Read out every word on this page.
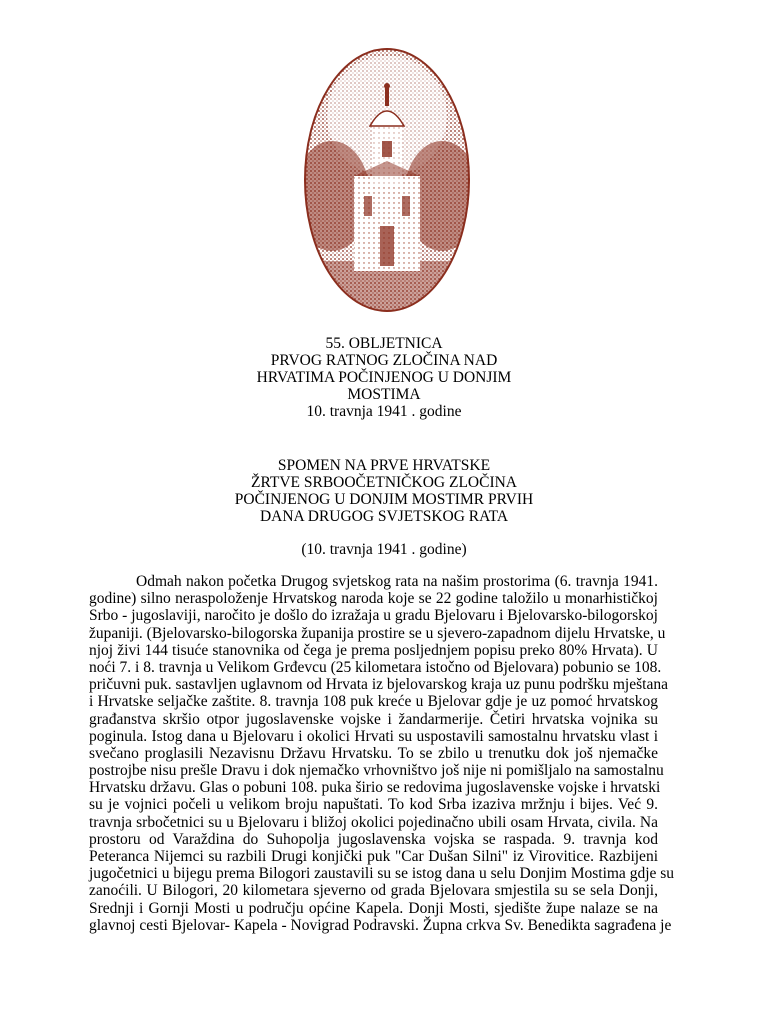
55. OBLJETNICA
PRVOG RATNOG ZLOČINA NAD
HRVATIMA POČINJENOG U DONJIM
MOSTIMA
10. travnja 1941 . godine
SPOMEN NA PRVE HRVATSKE
ŽRTVE SRBOOČETNIČKOG ZLOČINA
POČINJENOG U DONJIM MOSTIMR PRVIH
DANA DRUGOG SVJETSKOG RATA
(10. travnja 1941 . godine)
Odmah nakon početka Drugog svjetskog rata na našim prostorima (6. travnja 1941.
godine) silno neraspoloženje Hrvatskog naroda koje se 22 godine taložilo u monarhističkoj
Srbo - jugoslaviji, naročito je došlo do izražaja u gradu Bjelovaru i Bjelovarsko-bilogorskoj
županiji. (Bjelovarsko-bilogorska županija prostire se u sjevero-zapadnom dijelu Hrvatske, u
njoj živi 144 tisuće stanovnika od čega je prema posljednjem popisu preko 80% Hrvata). U
noći 7. i 8. travnja u Velikom Grđevcu (25 kilometara istočno od Bjelovara) pobunio se 108.
pričuvni puk. sastavljen uglavnom od Hrvata iz bjelovarskog kraja uz punu podršku mještana
i Hrvatske seljačke zaštite. 8. travnja 108 puk kreće u Bjelovar gdje je uz pomoć hrvatskog
građanstva skršio otpor jugoslavenske vojske i žandarmerije. Četiri hrvatska vojnika su
poginula. Istog dana u Bjelovaru i okolici Hrvati su uspostavili samostalnu hrvatsku vlast i
svečano proglasili Nezavisnu Državu Hrvatsku. To se zbilo u trenutku dok još njemačke
postrojbe nisu prešle Dravu i dok njemačko vrhovništvo još nije ni pomišljalo na samostalnu
Hrvatsku državu. Glas o pobuni 108. puka širio se redovima jugoslavenske vojske i hrvatski
su je vojnici počeli u velikom broju napuštati. To kod Srba izaziva mržnju i bijes. Već 9.
travnja srbočetnici su u Bjelovaru i bližoj okolici pojedinačno ubili osam Hrvata, civila. Na
prostoru od Varaždina do Suhopolja jugoslavenska vojska se raspada. 9. travnja kod
Peteranca Nijemci su razbili Drugi konjički puk "Car Dušan Silni" iz Virovitice. Razbijeni
jugočetnici u bijegu prema Bilogori zaustavili su se istog dana u selu Donjim Mostima gdje su
zanoćili. U Bilogori, 20 kilometara sjeverno od grada Bjelovara smjestila su se sela Donji,
Srednji i Gornji Mosti u području općine Kapela. Donji Mosti, sjedište župe nalaze se na
glavnoj cesti Bjelovar- Kapela - Novigrad Podravski. Župna crkva Sv. Benedikta sagrađena je
